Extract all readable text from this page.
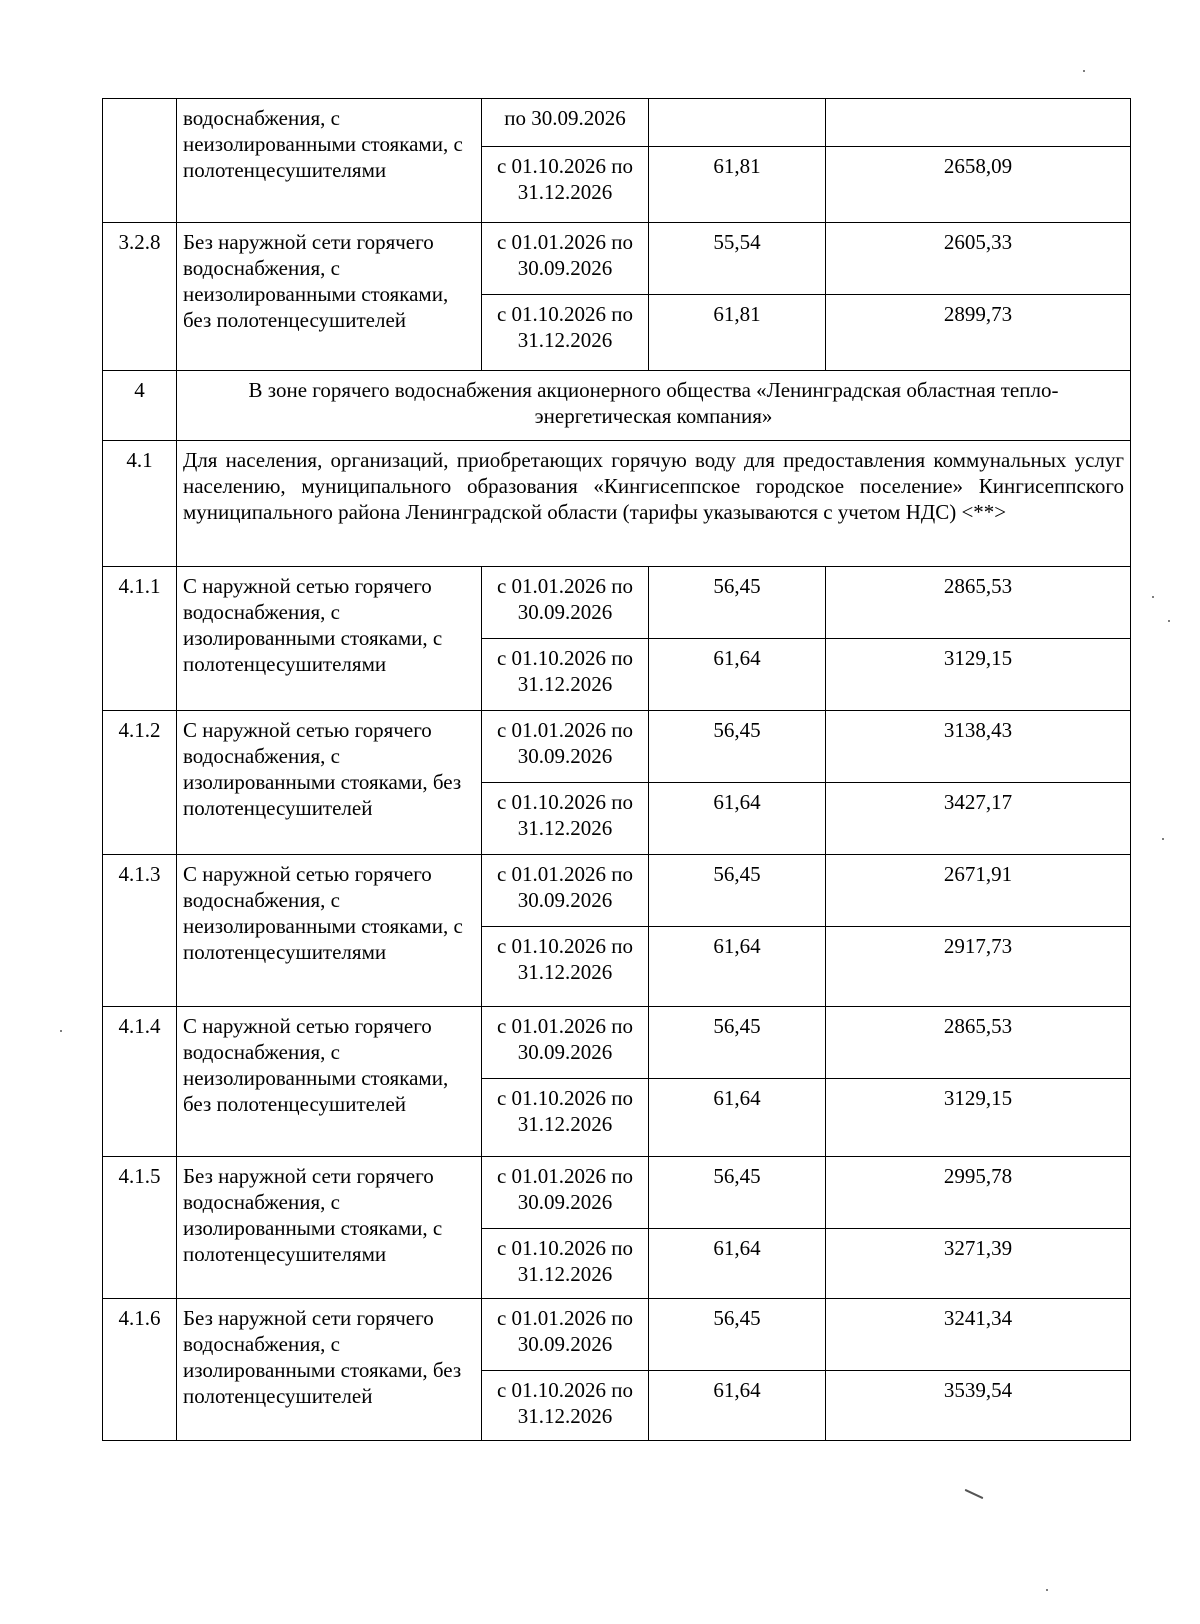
	водоснабжения, с неизолированными стояками, с полотенцесушителями	по 30.09.2026		
		с 01.10.2026 по 31.12.2026	61,81	2658,09
3.2.8	Без наружной сети горячего водоснабжения, с неизолированными стояками, без полотенцесушителей	с 01.01.2026 по 30.09.2026	55,54	2605,33
		с 01.10.2026 по 31.12.2026	61,81	2899,73
4	В зоне горячего водоснабжения акционерного общества «Ленинградская областная тепло-энергетическая компания»			
4.1	Для населения, организаций, приобретающих горячую воду для предоставления коммунальных услуг населению, муниципального образования «Кингисеппское городское поселение» Кингисеппского муниципального района Ленинградской области (тарифы указываются с учетом НДС) <**>			
4.1.1	С наружной сетью горячего водоснабжения, с изолированными стояками, с полотенцесушителями	с 01.01.2026 по 30.09.2026	56,45	2865,53
		с 01.10.2026 по 31.12.2026	61,64	3129,15
4.1.2	С наружной сетью горячего водоснабжения, с изолированными стояками, без полотенцесушителей	с 01.01.2026 по 30.09.2026	56,45	3138,43
		с 01.10.2026 по 31.12.2026	61,64	3427,17
4.1.3	С наружной сетью горячего водоснабжения, с неизолированными стояками, с полотенцесушителями	с 01.01.2026 по 30.09.2026	56,45	2671,91
		с 01.10.2026 по 31.12.2026	61,64	2917,73
4.1.4	С наружной сетью горячего водоснабжения, с неизолированными стояками, без полотенцесушителей	с 01.01.2026 по 30.09.2026	56,45	2865,53
		с 01.10.2026 по 31.12.2026	61,64	3129,15
4.1.5	Без наружной сети горячего водоснабжения, с изолированными стояками, с полотенцесушителями	с 01.01.2026 по 30.09.2026	56,45	2995,78
		с 01.10.2026 по 31.12.2026	61,64	3271,39
4.1.6	Без наружной сети горячего водоснабжения, с изолированными стояками, без полотенцесушителей	с 01.01.2026 по 30.09.2026	56,45	3241,34
		с 01.10.2026 по 31.12.2026	61,64	3539,54
